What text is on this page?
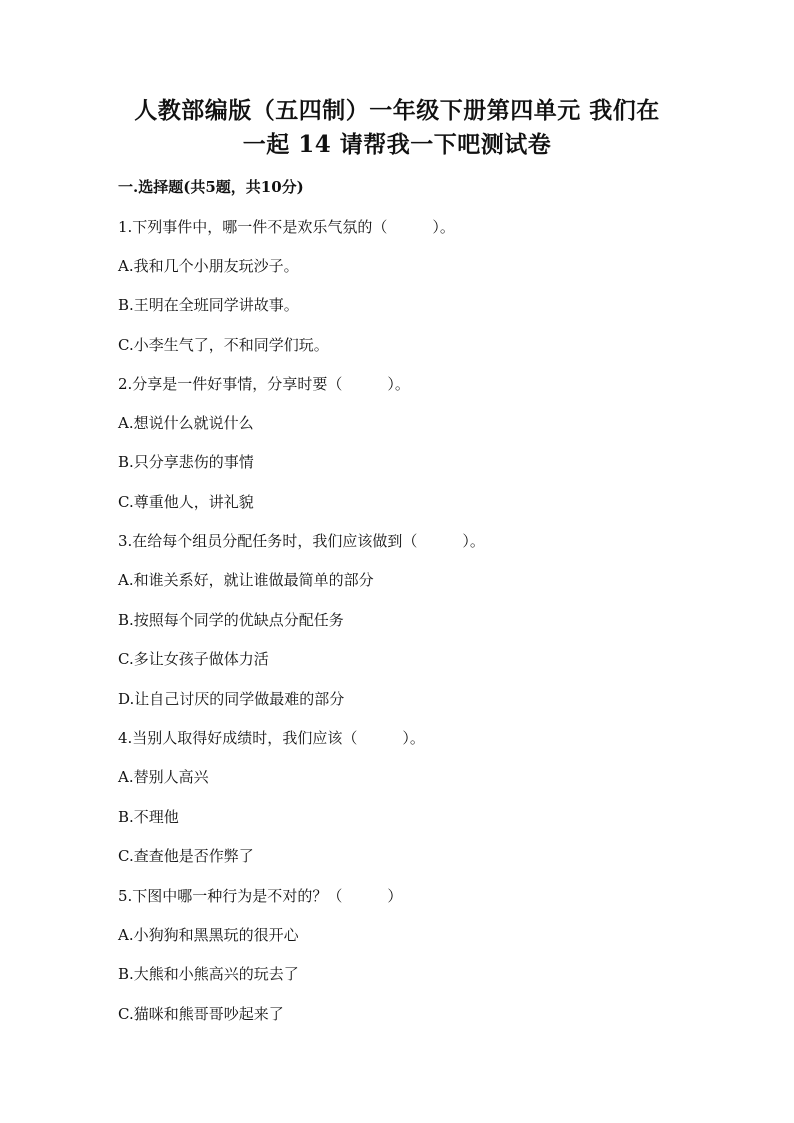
人教部编版（五四制）一年级下册第四单元 我们在
一起 14 请帮我一下吧测试卷
一.选择题(共5题，共10分)
1.下列事件中，哪一件不是欢乐气氛的（　　　）。
A.我和几个小朋友玩沙子。
B.王明在全班同学讲故事。
C.小李生气了，不和同学们玩。
2.分享是一件好事情，分享时要（　　　）。
A.想说什么就说什么
B.只分享悲伤的事情
C.尊重他人，讲礼貌
3.在给每个组员分配任务时，我们应该做到（　　　）。
A.和谁关系好，就让谁做最简单的部分
B.按照每个同学的优缺点分配任务
C.多让女孩子做体力活
D.让自己讨厌的同学做最难的部分
4.当别人取得好成绩时，我们应该（　　　）。
A.替别人高兴
B.不理他
C.查查他是否作弊了
5.下图中哪一种行为是不对的？（　　　）
A.小狗狗和黑黑玩的很开心
B.大熊和小熊高兴的玩去了
C.猫咪和熊哥哥吵起来了
